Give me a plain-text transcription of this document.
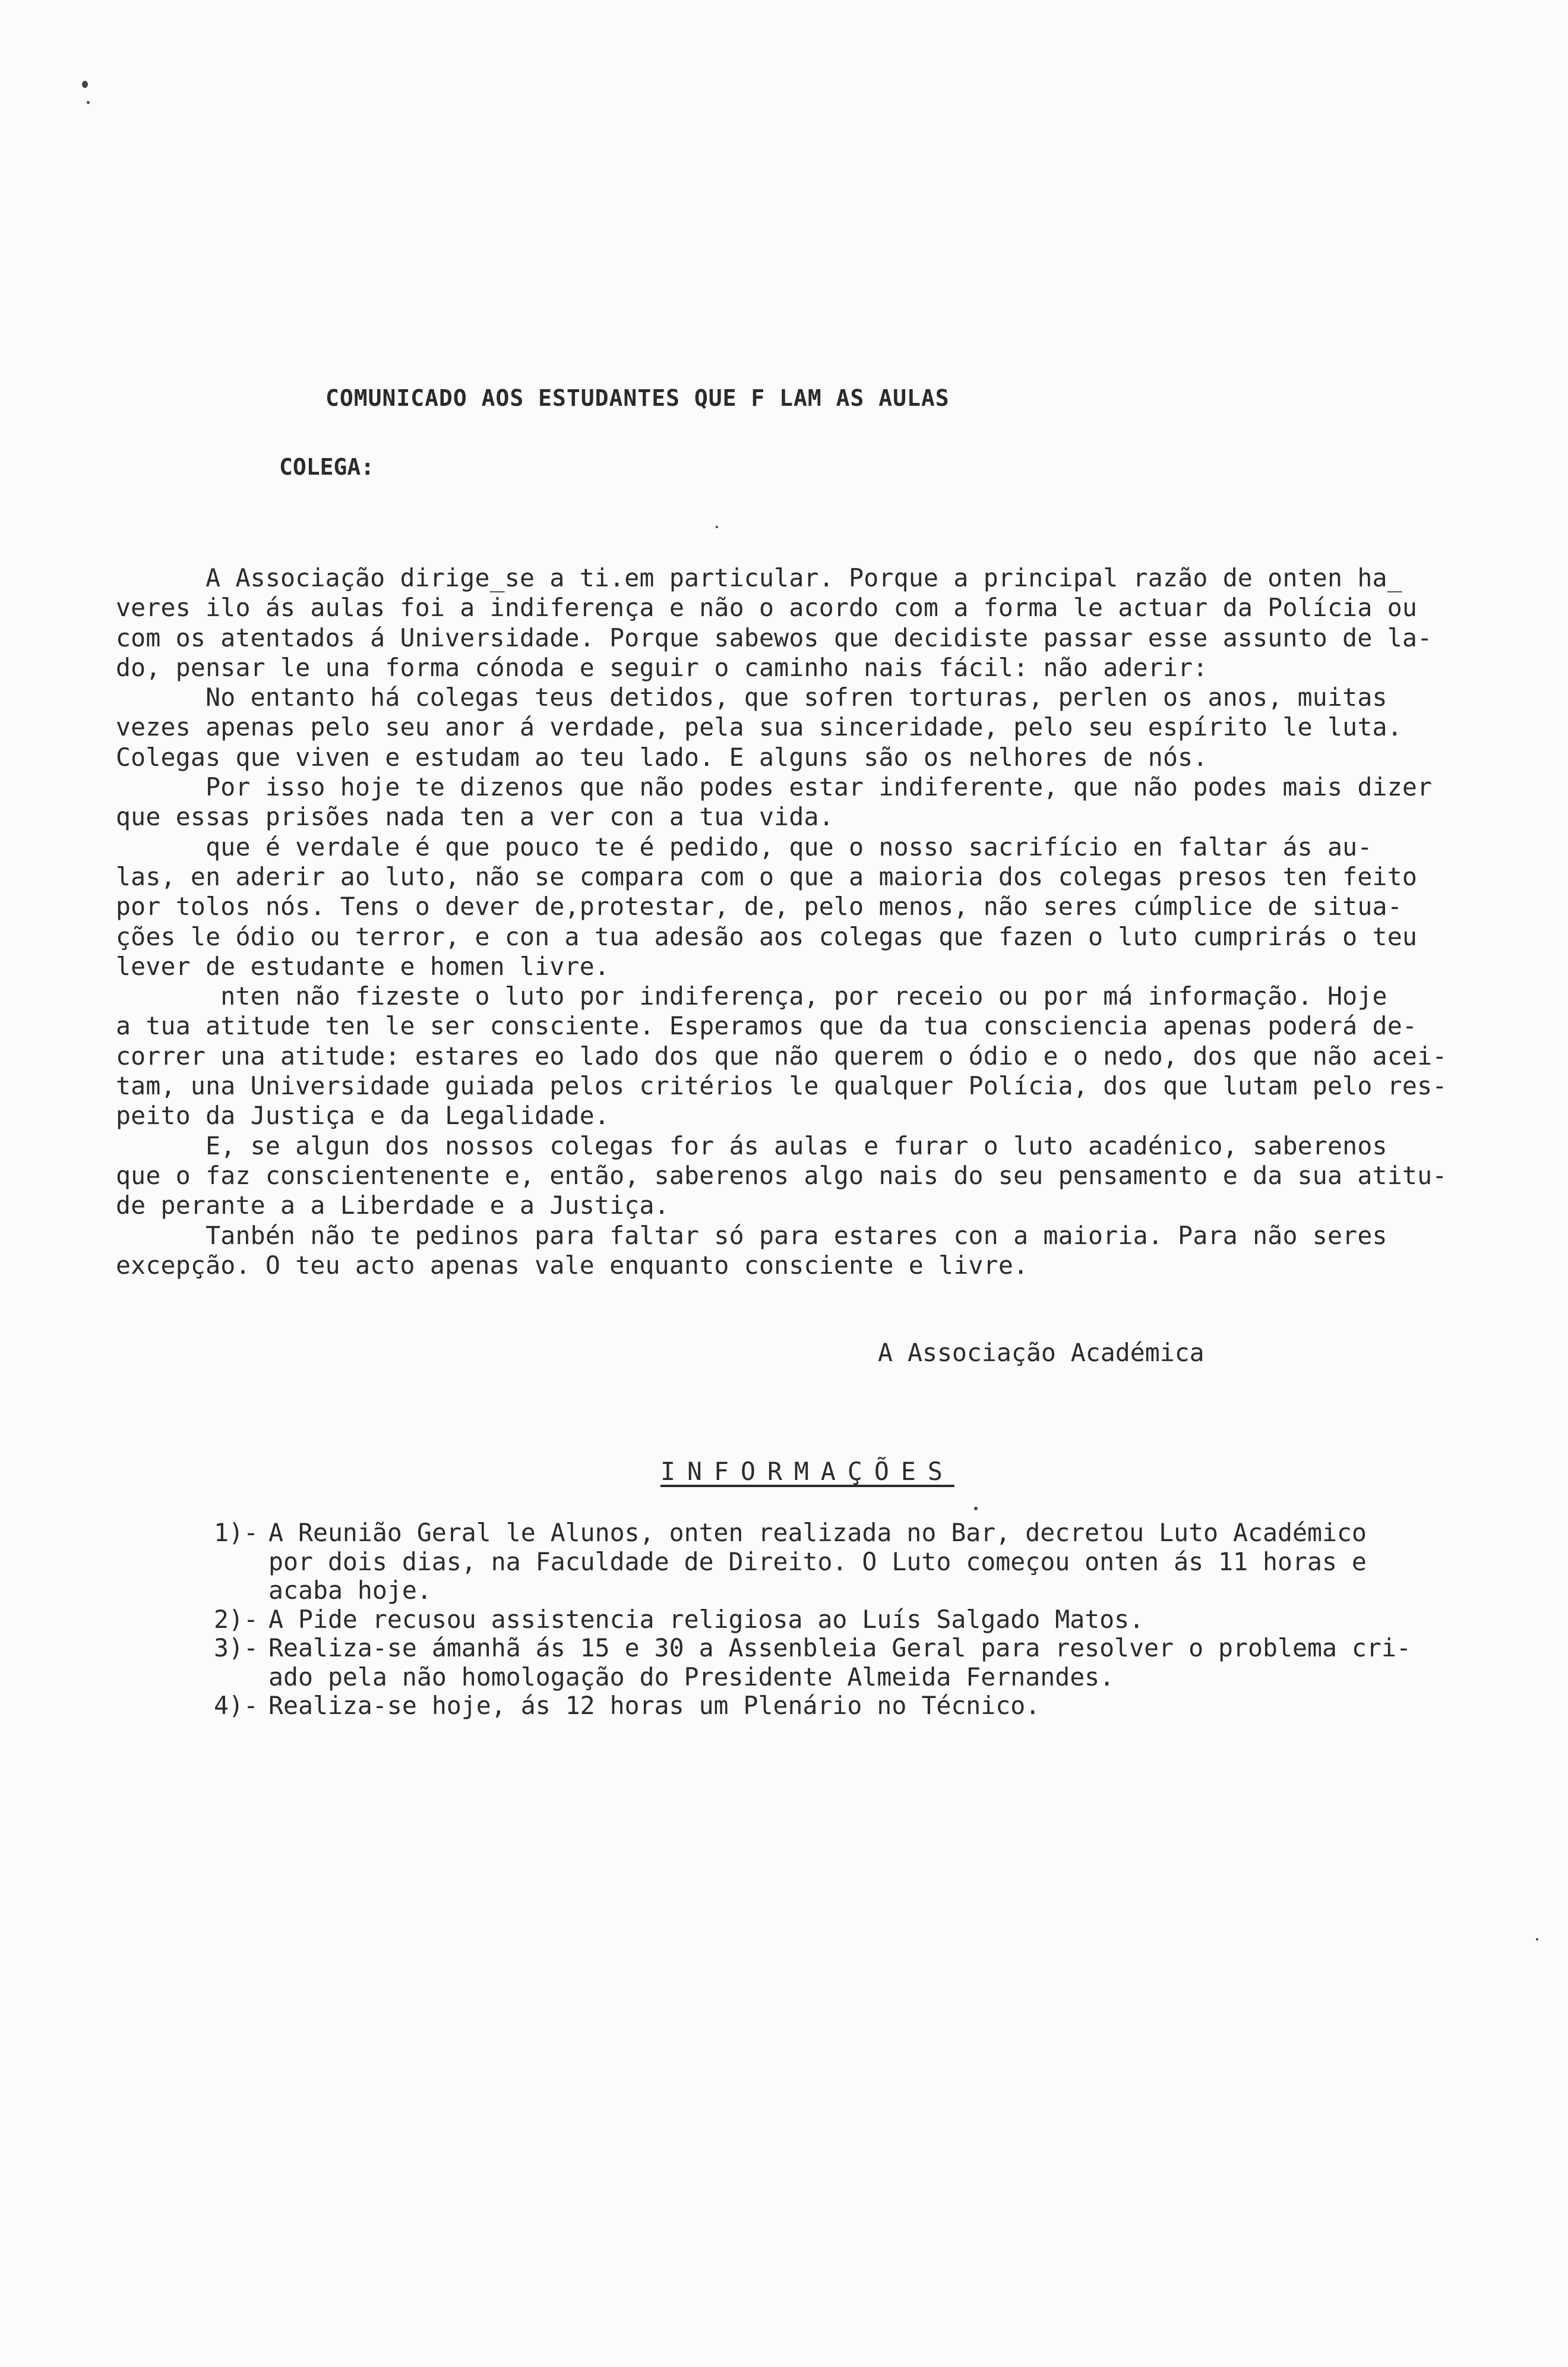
COMUNICADO AOS ESTUDANTES QUE F LAM AS AULAS
COLEGA:
A Associação dirige_se a ti.em particular. Porque a principal razão de onten ha_
veres ilo ás aulas foi a indiferença e não o acordo com a forma le actuar da Polícia ou
com os atentados á Universidade. Porque sabewos que decidiste passar esse assunto de la-
do, pensar le una forma cónoda e seguir o caminho nais fácil: não aderir:
No entanto há colegas teus detidos, que sofren torturas, perlen os anos, muitas
vezes apenas pelo seu anor á verdade, pela sua sinceridade, pelo seu espírito le luta.
Colegas que viven e estudam ao teu lado. E alguns são os nelhores de nós.
Por isso hoje te dizenos que não podes estar indiferente, que não podes mais dizer
que essas prisões nada ten a ver con a tua vida.
que é verdale é que pouco te é pedido, que o nosso sacrifício en faltar ás au-
las, en aderir ao luto, não se compara com o que a maioria dos colegas presos ten feito
por tolos nós. Tens o dever de,protestar, de, pelo menos, não seres cúmplice de situa-
ções le ódio ou terror, e con a tua adesão aos colegas que fazen o luto cumprirás o teu
lever de estudante e homen livre.
nten não fizeste o luto por indiferença, por receio ou por má informação. Hoje
a tua atitude ten le ser consciente. Esperamos que da tua consciencia apenas poderá de-
correr una atitude: estares eo lado dos que não querem o ódio e o nedo, dos que não acei-
tam, una Universidade guiada pelos critérios le qualquer Polícia, dos que lutam pelo res-
peito da Justiça e da Legalidade.
E, se algun dos nossos colegas for ás aulas e furar o luto acadénico, saberenos
que o faz conscientenente e, então, saberenos algo nais do seu pensamento e da sua atitu-
de perante a a Liberdade e a Justiça.
Tanbén não te pedinos para faltar só para estares con a maioria. Para não seres
excepção. O teu acto apenas vale enquanto consciente e livre.
A Associação Académica
INFORMAÇÕES
1)- A Reunião Geral le Alunos, onten realizada no Bar, decretou Luto Académico
por dois dias, na Faculdade de Direito. O Luto começou onten ás 11 horas e
acaba hoje.
2)- A Pide recusou assistencia religiosa ao Luís Salgado Matos.
3)- Realiza-se ámanhã ás 15 e 30 a Assenbleia Geral para resolver o problema cri-
ado pela não homologação do Presidente Almeida Fernandes.
4)- Realiza-se hoje, ás 12 horas um Plenário no Técnico.
